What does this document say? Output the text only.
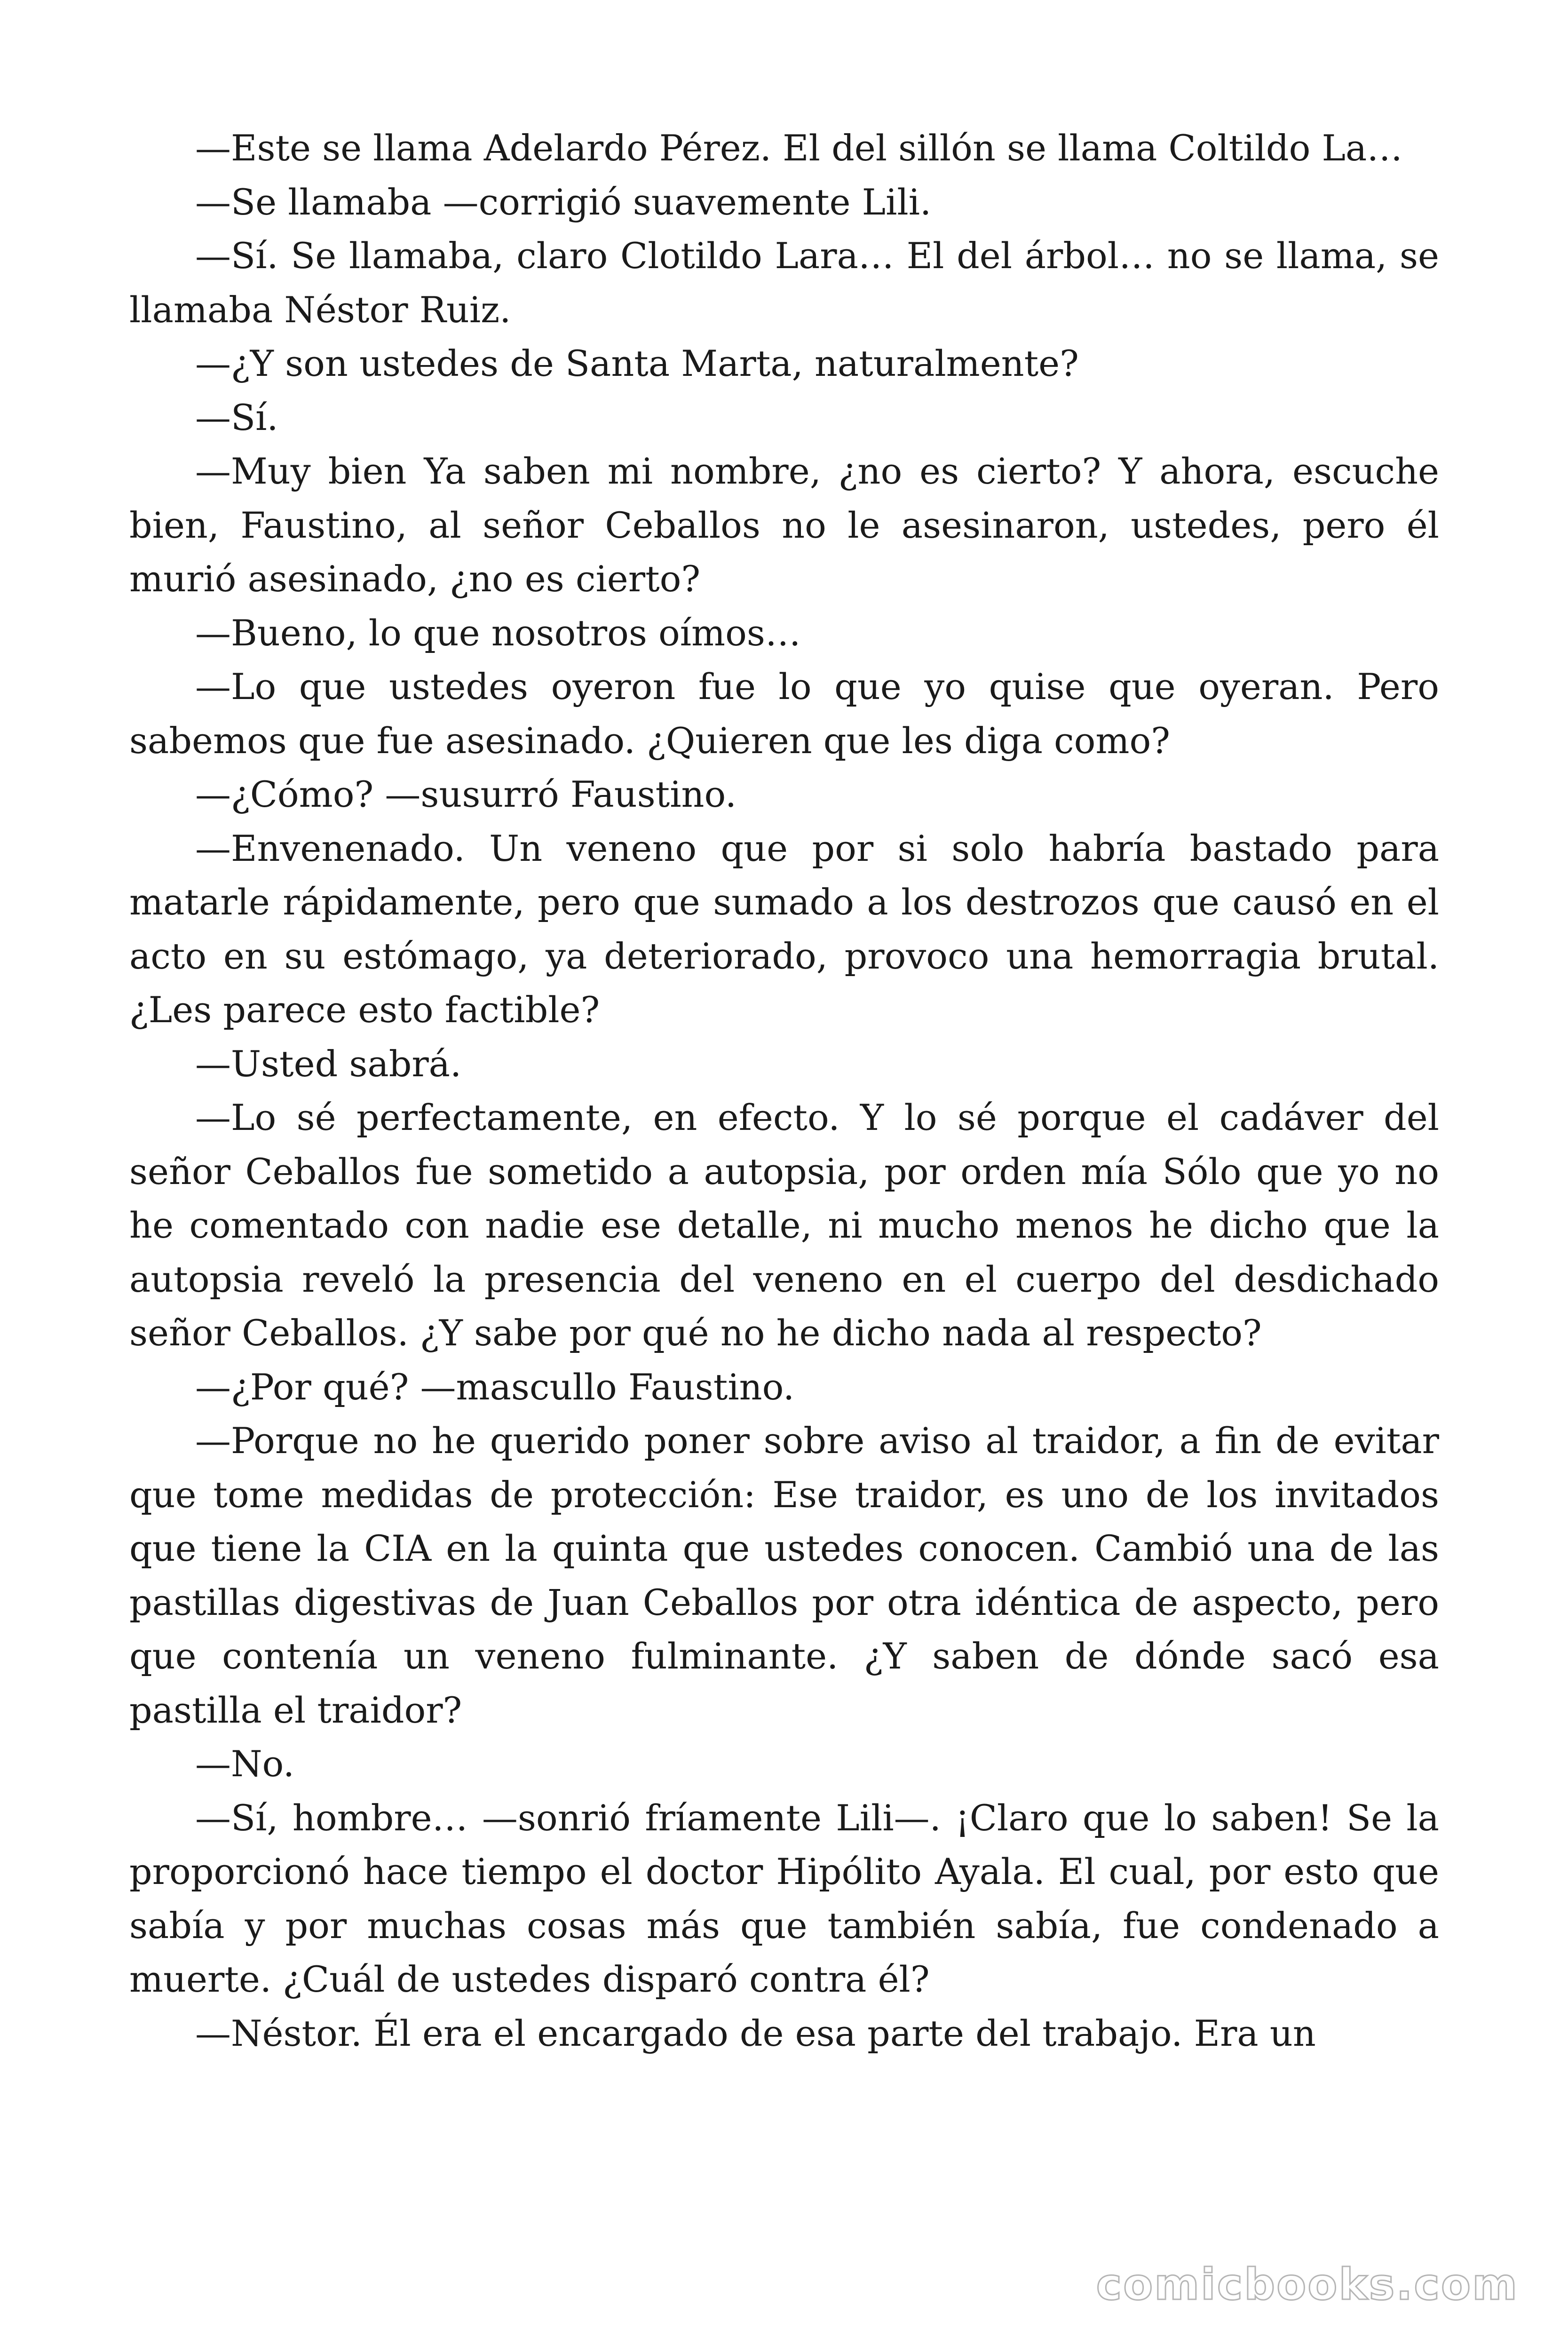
—Este se llama Adelardo Pérez. El del sillón se llama Coltildo La…

—Se llamaba —corrigió suavemente Lili.

—Sí. Se llamaba, claro Clotildo Lara… El del árbol… no se llama, se llamaba Néstor Ruiz.

—¿Y son ustedes de Santa Marta, naturalmente?

—Sí.

—Muy bien Ya saben mi nombre, ¿no es cierto? Y ahora, escuche bien, Faustino, al señor Ceballos no le asesinaron, ustedes, pero él murió asesinado, ¿no es cierto?

—Bueno, lo que nosotros oímos…

—Lo que ustedes oyeron fue lo que yo quise que oyeran. Pero sabemos que fue asesinado. ¿Quieren que les diga como?

—¿Cómo? —susurró Faustino.

—Envenenado. Un veneno que por si solo habría bastado para matarle rápidamente, pero que sumado a los destrozos que causó en el acto en su estómago, ya deteriorado, provoco una hemorragia brutal. ¿Les parece esto factible?

—Usted sabrá.

—Lo sé perfectamente, en efecto. Y lo sé porque el cadáver del señor Ceballos fue sometido a autopsia, por orden mía Sólo que yo no he comentado con nadie ese detalle, ni mucho menos he dicho que la autopsia reveló la presencia del veneno en el cuerpo del desdichado señor Ceballos. ¿Y sabe por qué no he dicho nada al respecto?

—¿Por qué? —mascullo Faustino.

—Porque no he querido poner sobre aviso al traidor, a fin de evitar que tome medidas de protección: Ese traidor, es uno de los invitados que tiene la CIA en la quinta que ustedes conocen. Cambió una de las pastillas digestivas de Juan Ceballos por otra idéntica de aspecto, pero que contenía un veneno fulminante. ¿Y saben de dónde sacó esa pastilla el traidor?

—No.

—Sí, hombre… —sonrió fríamente Lili—. ¡Claro que lo saben! Se la proporcionó hace tiempo el doctor Hipólito Ayala. El cual, por esto que sabía y por muchas cosas más que también sabía, fue condenado a muerte. ¿Cuál de ustedes disparó contra él?

—Néstor. Él era el encargado de esa parte del trabajo. Era un

comicbooks.com
